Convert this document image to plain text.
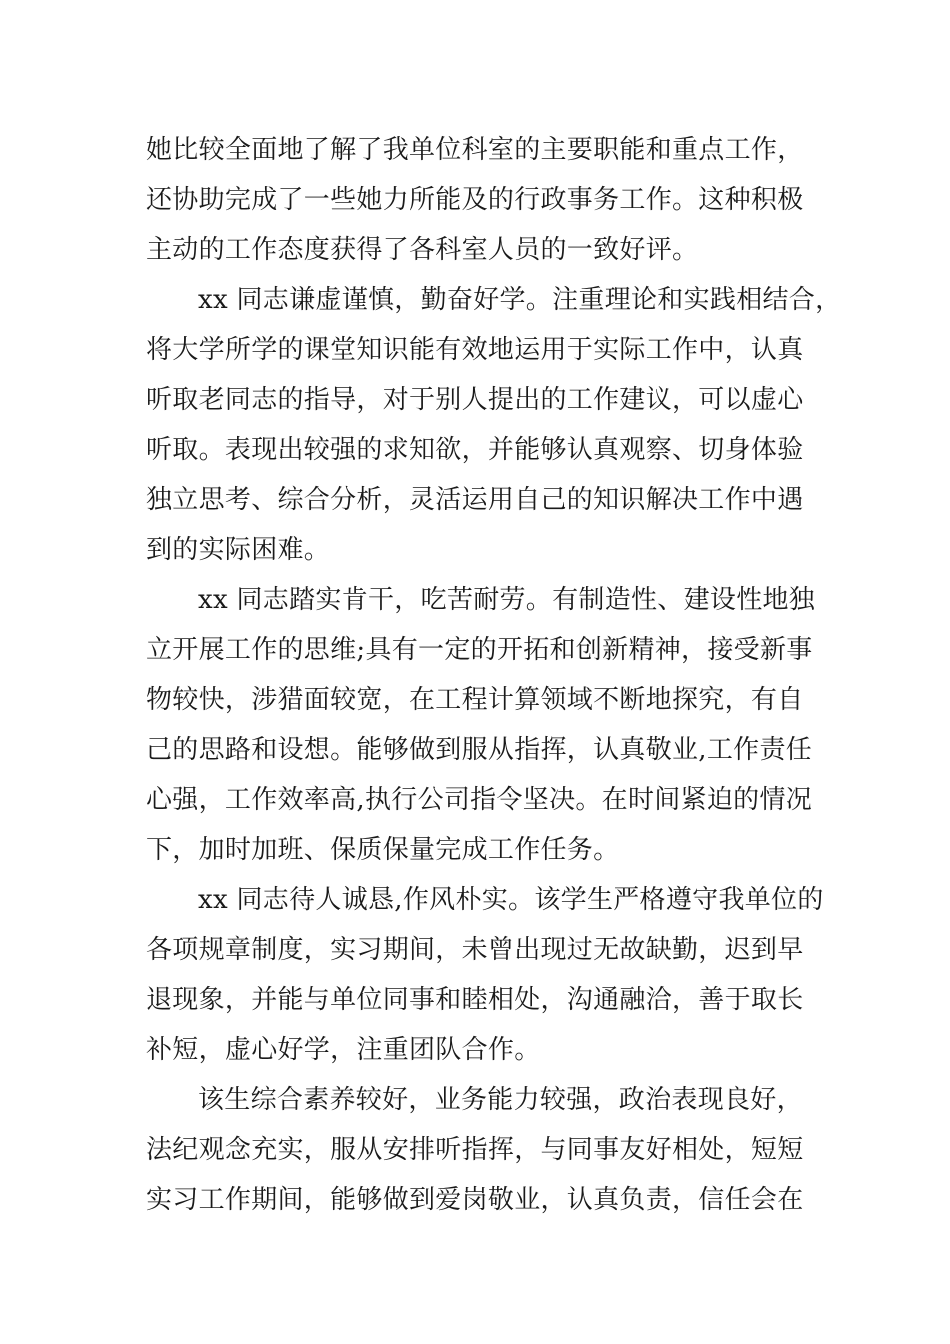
她比较全面地了解了我单位科室的主要职能和重点工作，
还协助完成了一些她力所能及的行政事务工作。这种积极
主动的工作态度获得了各科室人员的一致好评。
xx 同志谦虚谨慎，勤奋好学。注重理论和实践相结合，
将大学所学的课堂知识能有效地运用于实际工作中，认真
听取老同志的指导，对于别人提出的工作建议，可以虚心
听取。表现出较强的求知欲，并能够认真观察、切身体验
独立思考、综合分析，灵活运用自己的知识解决工作中遇
到的实际困难。
xx 同志踏实肯干，吃苦耐劳。有制造性、建设性地独
立开展工作的思维;具有一定的开拓和创新精神，接受新事
物较快，涉猎面较宽，在工程计算领域不断地探究，有自
己的思路和设想。能够做到服从指挥，认真敬业,工作责任
心强，工作效率高,执行公司指令坚决。在时间紧迫的情况
下，加时加班、保质保量完成工作任务。
xx 同志待人诚恳,作风朴实。该学生严格遵守我单位的
各项规章制度，实习期间，未曾出现过无故缺勤，迟到早
退现象，并能与单位同事和睦相处，沟通融洽，善于取长
补短，虚心好学，注重团队合作。
该生综合素养较好，业务能力较强，政治表现良好，
法纪观念充实，服从安排听指挥，与同事友好相处，短短
实习工作期间，能够做到爱岗敬业，认真负责，信任会在
